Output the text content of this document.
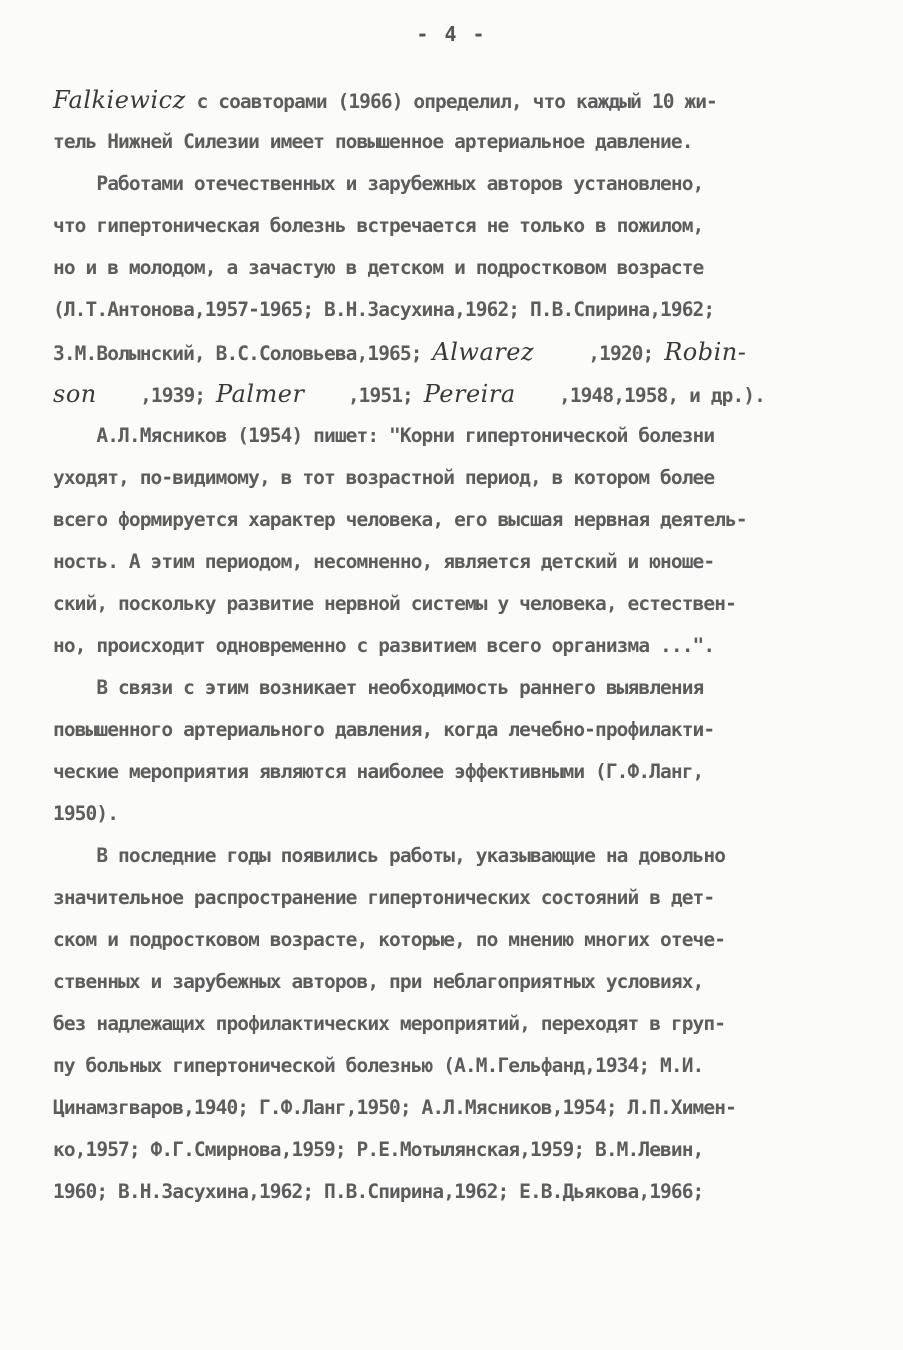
- 4 -
Falkiewicz с соавторами (1966) определил, что каждый 10 жи-
тель Нижней Силезии имеет повышенное артериальное давление.
Работами отечественных и зарубежных авторов установлено,
что гипертоническая болезнь встречается не только в пожилом,
но и в молодом, а зачастую в детском и подростковом возрасте
(Л.Т.Антонова,1957-1965; В.Н.Засухина,1962; П.В.Спирина,1962;
З.М.Волынский, В.С.Соловьева,1965; Alwarez     ,1920; Robin-
son    ,1939; Palmer    ,1951; Pereira    ,1948,1958, и др.).
А.Л.Мясников (1954) пишет: "Корни гипертонической болезни
уходят, по-видимому, в тот возрастной период, в котором более
всего формируется характер человека, его высшая нервная деятель-
ность. А этим периодом, несомненно, является детский и юноше-
ский, поскольку развитие нервной системы у человека, естествен-
но, происходит одновременно с развитием всего организма ...".
В связи с этим возникает необходимость раннего выявления
повышенного артериального давления, когда лечебно-профилакти-
ческие мероприятия являются наиболее эффективными (Г.Ф.Ланг,
1950).
В последние годы появились работы, указывающие на довольно
значительное распространение гипертонических состояний в дет-
ском и подростковом возрасте, которые, по мнению многих отече-
ственных и зарубежных авторов, при неблагоприятных условиях,
без надлежащих профилактических мероприятий, переходят в груп-
пу больных гипертонической болезнью (А.М.Гельфанд,1934; М.И.
Цинамзгваров,1940; Г.Ф.Ланг,1950; А.Л.Мясников,1954; Л.П.Химен-
ко,1957; Ф.Г.Смирнова,1959; Р.Е.Мотылянская,1959; В.М.Левин,
1960; В.Н.Засухина,1962; П.В.Спирина,1962; Е.В.Дьякова,1966;
